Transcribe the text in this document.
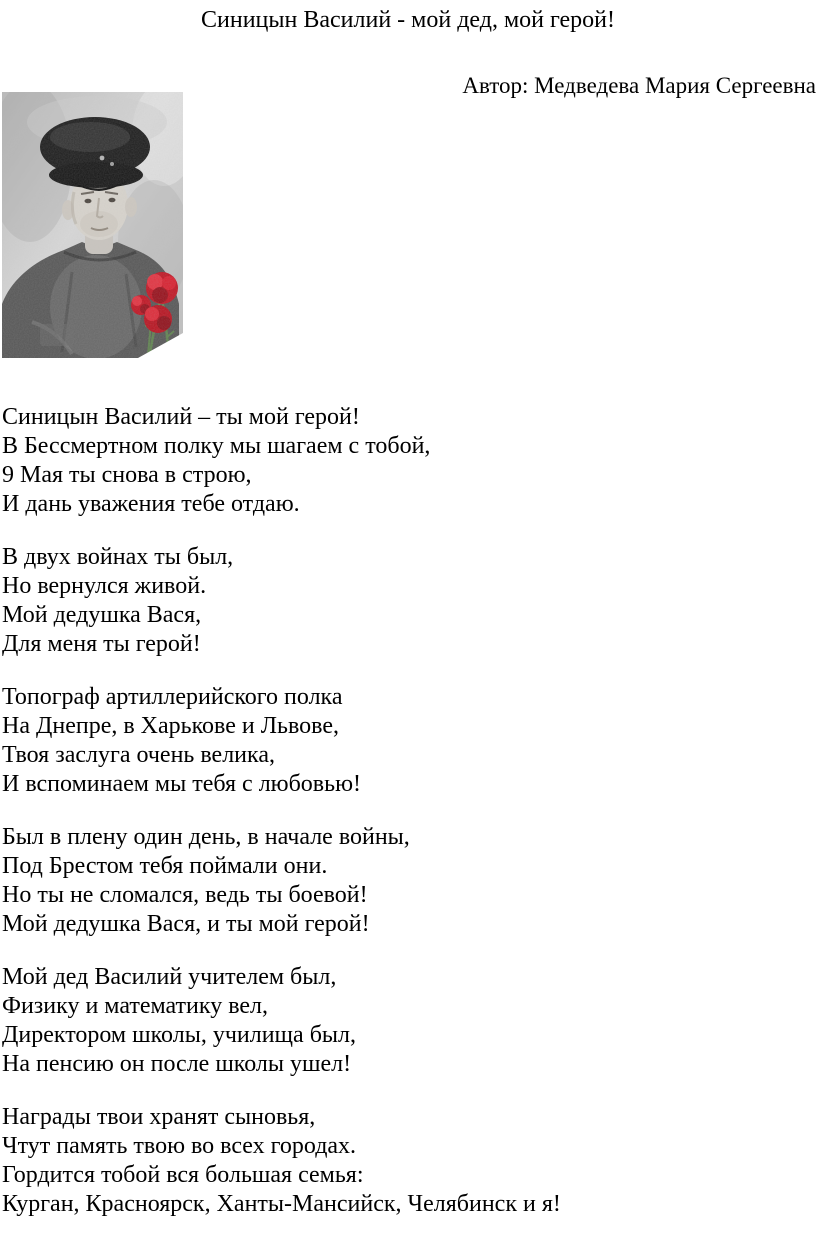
Синицын Василий - мой дед, мой герой!
Автор: Медведева Мария Сергеевна
Синицын Василий – ты мой герой!
В Бессмертном полку мы шагаем с тобой,
9 Мая ты снова в строю,
И дань уважения тебе отдаю.
В двух войнах ты был,
Но вернулся живой.
Мой дедушка Вася,
Для меня ты герой!
Топограф артиллерийского полка
На Днепре, в Харькове и Львове,
Твоя заслуга очень велика,
И вспоминаем мы тебя с любовью!
Был в плену один день, в начале войны,
Под Брестом тебя поймали они.
Но ты не сломался, ведь ты боевой!
Мой дедушка Вася, и ты мой герой!
Мой дед Василий учителем был,
Физику и математику вел,
Директором школы, училища был,
На пенсию он после школы ушел!
Награды твои хранят сыновья,
Чтут память твою во всех городах.
Гордится тобой вся большая семья:
Курган, Красноярск, Ханты-Мансийск, Челябинск и я!
